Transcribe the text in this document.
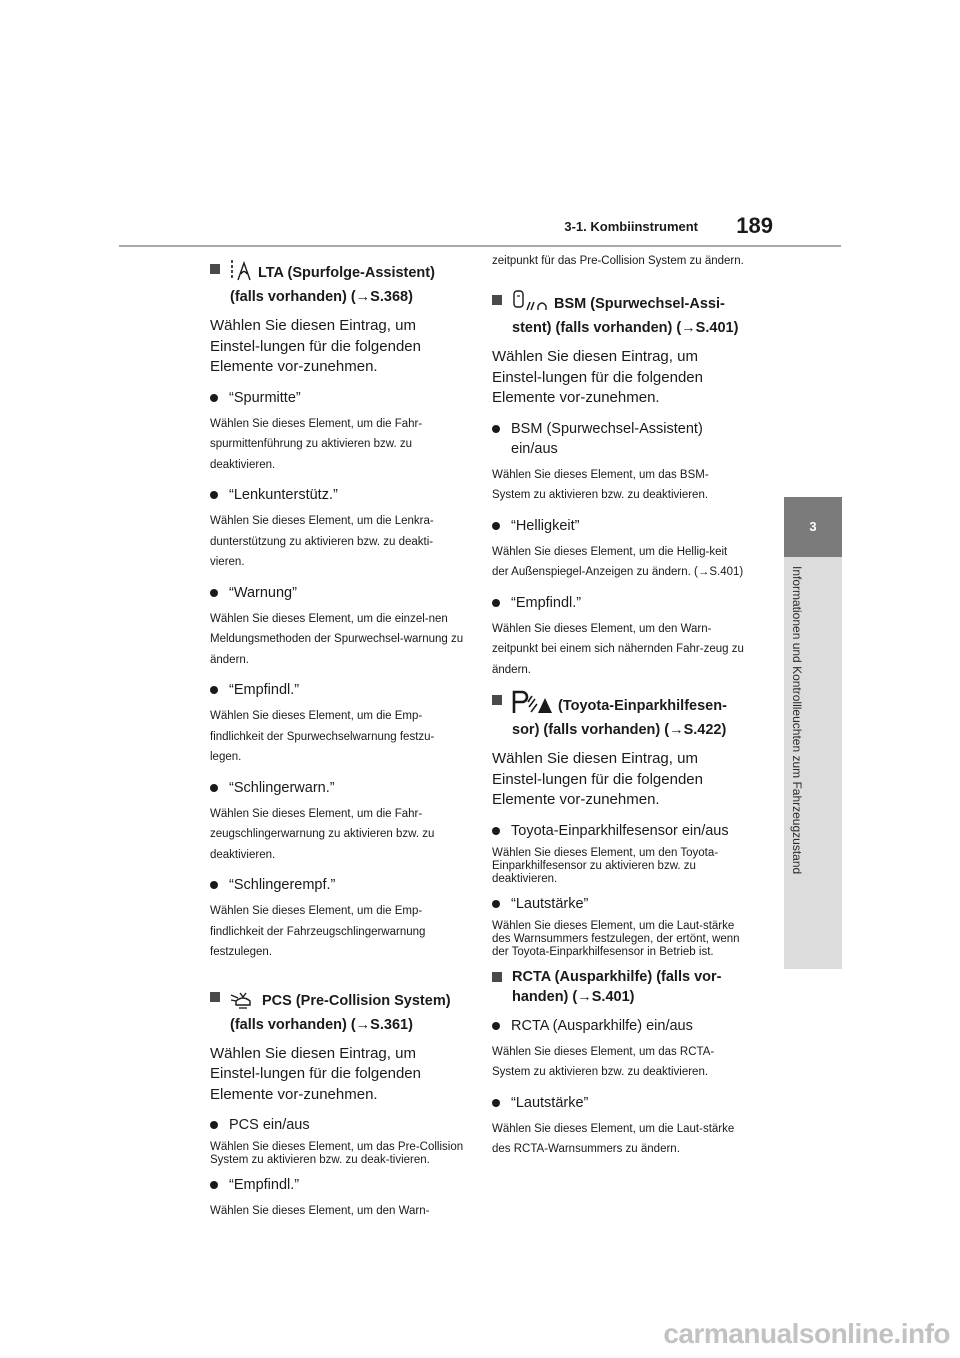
3-1. Kombiinstrument 189
3
Informationen und Kontrollleuchten zum Fahrzeugzustand
LTA (Spurfolge-Assistent) (falls vorhanden) (→S.368)
Wählen Sie diesen Eintrag, um Einstel-lungen für die folgenden Elemente vor-zunehmen.
“Spurmitte”
Wählen Sie dieses Element, um die Fahr-spurmittenführung zu aktivieren bzw. zu deaktivieren.
“Lenkunterstütz.”
Wählen Sie dieses Element, um die Lenkra-dunterstützung zu aktivieren bzw. zu deakti-vieren.
“Warnung”
Wählen Sie dieses Element, um die einzel-nen Meldungsmethoden der Spurwechsel-warnung zu ändern.
“Empfindl.”
Wählen Sie dieses Element, um die Emp-findlichkeit der Spurwechselwarnung festzu-legen.
“Schlingerwarn.”
Wählen Sie dieses Element, um die Fahr-zeugschlingerwarnung zu aktivieren bzw. zu deaktivieren.
“Schlingerempf.”
Wählen Sie dieses Element, um die Emp-findlichkeit der Fahrzeugschlingerwarnung festzulegen.
PCS (Pre-Collision System) (falls vorhanden) (→S.361)
Wählen Sie diesen Eintrag, um Einstel-lungen für die folgenden Elemente vor-zunehmen.
PCS ein/aus
Wählen Sie dieses Element, um das Pre-Collision System zu aktivieren bzw. zu deak-tivieren.
“Empfindl.”
Wählen Sie dieses Element, um den Warn-
zeitpunkt für das Pre-Collision System zu ändern.
BSM (Spurwechsel-Assi-stent) (falls vorhanden) (→S.401)
Wählen Sie diesen Eintrag, um Einstel-lungen für die folgenden Elemente vor-zunehmen.
BSM (Spurwechsel-Assistent) ein/aus
Wählen Sie dieses Element, um das BSM-System zu aktivieren bzw. zu deaktivieren.
“Helligkeit”
Wählen Sie dieses Element, um die Hellig-keit der Außenspiegel-Anzeigen zu ändern. (→S.401)
“Empfindl.”
Wählen Sie dieses Element, um den Warn-zeitpunkt bei einem sich nähernden Fahr-zeug zu ändern.
(Toyota-Einparkhilfesen-sor) (falls vorhanden) (→S.422)
Wählen Sie diesen Eintrag, um Einstel-lungen für die folgenden Elemente vor-zunehmen.
Toyota-Einparkhilfesensor ein/aus
Wählen Sie dieses Element, um den Toyota-Einparkhilfesensor zu aktivieren bzw. zu deaktivieren.
“Lautstärke”
Wählen Sie dieses Element, um die Laut-stärke des Warnsummers festzulegen, der ertönt, wenn der Toyota-Einparkhilfesensor in Betrieb ist.
RCTA (Ausparkhilfe) (falls vor-handen) (→S.401)
RCTA (Ausparkhilfe) ein/aus
Wählen Sie dieses Element, um das RCTA-System zu aktivieren bzw. zu deaktivieren.
“Lautstärke”
Wählen Sie dieses Element, um die Laut-stärke des RCTA-Warnsummers zu ändern.
carmanualsonline.info
